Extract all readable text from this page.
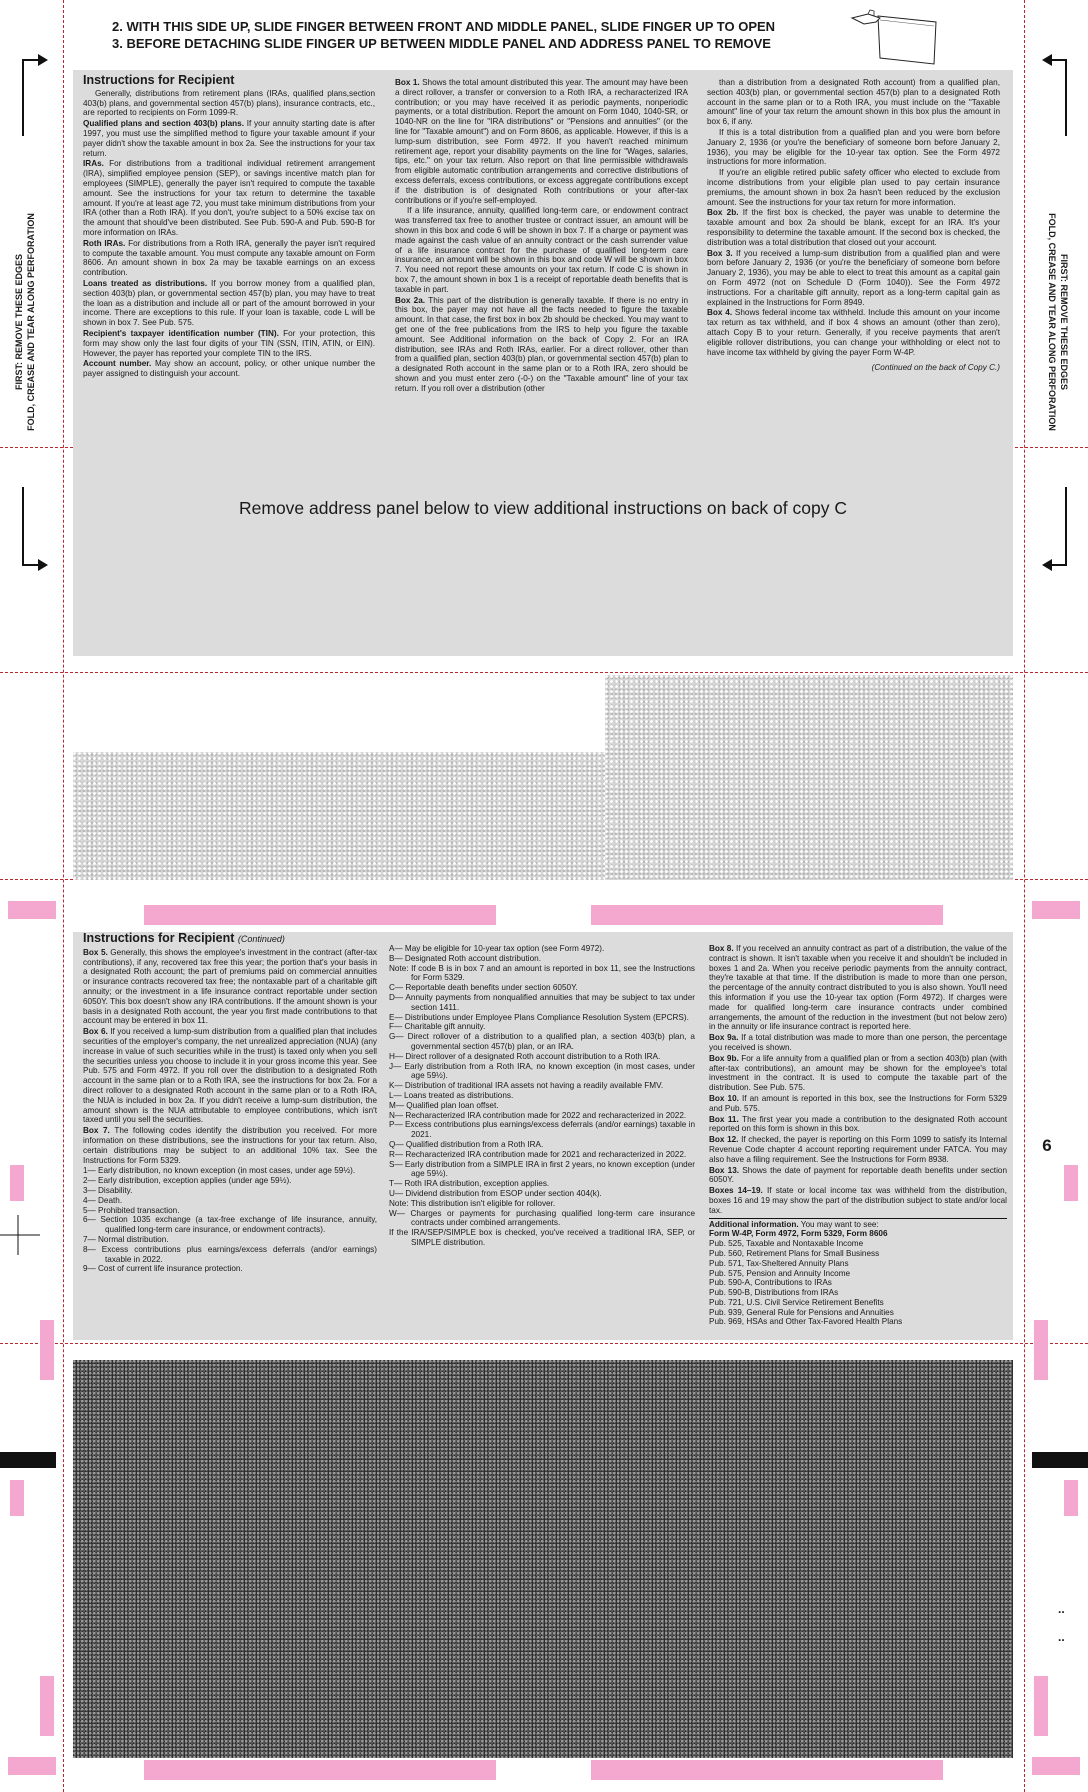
2. WITH THIS SIDE UP, SLIDE FINGER BETWEEN FRONT AND MIDDLE PANEL, SLIDE FINGER UP TO OPEN
3. BEFORE DETACHING SLIDE FINGER UP BETWEEN MIDDLE PANEL AND ADDRESS PANEL TO REMOVE
FIRST: REMOVE THESE EDGES FOLD, CREASE AND TEAR ALONG PERFORATION	FIRST: REMOVE THESE EDGES
FOLD, CREASE AND TEAR ALONG PERFORATION
Instructions for Recipient

Generally, distributions from retirement plans (IRAs, qualified plans,section 403(b) plans, and governmental section 457(b) plans), insurance contracts, etc., are reported to recipients on Form 1099-R.

Qualified plans and section 403(b) plans. If your annuity starting date is after 1997, you must use the simplified method to figure your taxable amount if your payer didn't show the taxable amount in box 2a. See the instructions for your tax return.

IRAs. For distributions from a traditional individual retirement arrangement (IRA), simplified employee pension (SEP), or savings incentive match plan for employees (SIMPLE), generally the payer isn't required to compute the taxable amount. See the instructions for your tax return to determine the taxable amount. If you're at least age 72, you must take minimum distributions from your IRA (other than a Roth IRA). If you don't, you're subject to a 50% excise tax on the amount that should've been distributed. See Pub. 590-A and Pub. 590-B for more information on IRAs.

Roth IRAs. For distributions from a Roth IRA, generally the payer isn't required to compute the taxable amount. You must compute any taxable amount on Form 8606. An amount shown in box 2a may be taxable earnings on an excess contribution.

Loans treated as distributions. If you borrow money from a qualified plan, section 403(b) plan, or governmental section 457(b) plan, you may have to treat the loan as a distribution and include all or part of the amount borrowed in your income. There are exceptions to this rule. If your loan is taxable, code L will be shown in box 7. See Pub. 575.

Recipient's taxpayer identification number (TIN). For your protection, this form may show only the last four digits of your TIN (SSN, ITIN, ATIN, or EIN). However, the payer has reported your complete TIN to the IRS.

Account number. May show an account, policy, or other unique number the payer assigned to distinguish your account.

Box 1. Shows the total amount distributed this year. The amount may have been a direct rollover, a transfer or conversion to a Roth IRA, a recharacterized IRA contribution; or you may have received it as periodic payments, nonperiodic payments, or a total distribution. Report the amount on Form 1040, 1040-SR, or 1040-NR on the line for "IRA distributions" or "Pensions and annuities" (or the line for "Taxable amount") and on Form 8606, as applicable. However, if this is a lump-sum distribution, see Form 4972. If you haven't reached minimum retirement age, report your disability payments on the line for "Wages, salaries, tips, etc." on your tax return. Also report on that line permissible withdrawals from eligible automatic contribution arrangements and corrective distributions of excess deferrals, excess contributions, or excess aggregate contributions except if the distribution is of designated Roth contributions or your after-tax contributions or if you're self-employed.

If a life insurance, annuity, qualified long-term care, or endowment contract was transferred tax free to another trustee or contract issuer, an amount will be shown in this box and code 6 will be shown in box 7. If a charge or payment was made against the cash value of an annuity contract or the cash surrender value of a life insurance contract for the purchase of qualified long-term care insurance, an amount will be shown in this box and code W will be shown in box 7. You need not report these amounts on your tax return. If code C is shown in box 7, the amount shown in box 1 is a receipt of reportable death benefits that is taxable in part.

Box 2a. This part of the distribution is generally taxable. If there is no entry in this box, the payer may not have all the facts needed to figure the taxable amount. In that case, the first box in box 2b should be checked. You may want to get one of the free publications from the IRS to help you figure the taxable amount. See Additional information on the back of Copy 2. For an IRA distribution, see IRAs and Roth IRAs, earlier. For a direct rollover, other than from a qualified plan, section 403(b) plan, or governmental section 457(b) plan to a designated Roth account in the same plan or to a Roth IRA, zero should be shown and you must enter zero (-0-) on the "Taxable amount" line of your tax return. If you roll over a distribution (other

than a distribution from a designated Roth account) from a qualified plan, section 403(b) plan, or governmental section 457(b) plan to a designated Roth account in the same plan or to a Roth IRA, you must include on the "Taxable amount" line of your tax return the amount shown in this box plus the amount in box 6, if any.

If this is a total distribution from a qualified plan and you were born before January 2, 1936 (or you're the beneficiary of someone born before January 2, 1936), you may be eligible for the 10-year tax option. See the Form 4972 instructions for more information.

If you're an eligible retired public safety officer who elected to exclude from income distributions from your eligible plan used to pay certain insurance premiums, the amount shown in box 2a hasn't been reduced by the exclusion amount. See the instructions for your tax return for more information.

Box 2b. If the first box is checked, the payer was unable to determine the taxable amount and box 2a should be blank, except for an IRA. It's your responsibility to determine the taxable amount. If the second box is checked, the distribution was a total distribution that closed out your account.

Box 3. If you received a lump-sum distribution from a qualified plan and were born before January 2, 1936 (or you're the beneficiary of someone born before January 2, 1936), you may be able to elect to treat this amount as a capital gain on Form 4972 (not on Schedule D (Form 1040)). See the Form 4972 instructions. For a charitable gift annuity, report as a long-term capital gain as explained in the Instructions for Form 8949.

Box 4. Shows federal income tax withheld. Include this amount on your income tax return as tax withheld, and if box 4 shows an amount (other than zero), attach Copy B to your return. Generally, if you receive payments that aren't eligible rollover distributions, you can change your withholding or elect not to have income tax withheld by giving the payer Form W-4P.

(Continued on the back of Copy C.)
Remove address panel below to view additional instructions on back of copy C
6
..
..
Instructions for Recipient (Continued)

Box 5. Generally, this shows the employee's investment in the contract (after-tax contributions), if any, recovered tax free this year; the portion that's your basis in a designated Roth account; the part of premiums paid on commercial annuities or insurance contracts recovered tax free; the nontaxable part of a charitable gift annuity; or the investment in a life insurance contract reportable under section 6050Y. This box doesn't show any IRA contributions. If the amount shown is your basis in a designated Roth account, the year you first made contributions to that account may be entered in box 11.

Box 6. If you received a lump-sum distribution from a qualified plan that includes securities of the employer's company, the net unrealized appreciation (NUA) (any increase in value of such securities while in the trust) is taxed only when you sell the securities unless you choose to include it in your gross income this year. See Pub. 575 and Form 4972. If you roll over the distribution to a designated Roth account in the same plan or to a Roth IRA, see the instructions for box 2a. For a direct rollover to a designated Roth account in the same plan or to a Roth IRA, the NUA is included in box 2a. If you didn't receive a lump-sum distribution, the amount shown is the NUA attributable to employee contributions, which isn't taxed until you sell the securities.

Box 7. The following codes identify the distribution you received. For more information on these distributions, see the instructions for your tax return. Also, certain distributions may be subject to an additional 10% tax. See the Instructions for Form 5329.

1— Early distribution, no known exception (in most cases, under age 59½).

2— Early distribution, exception applies (under age 59½).

3— Disability.

4— Death.

5— Prohibited transaction.

6— Section 1035 exchange (a tax-free exchange of life insurance, annuity, qualified long-term care insurance, or endowment contracts).

7— Normal distribution.

8— Excess contributions plus earnings/excess deferrals (and/or earnings) taxable in 2022.

9— Cost of current life insurance protection.

A— May be eligible for 10-year tax option (see Form 4972).

B— Designated Roth account distribution.

Note: If code B is in box 7 and an amount is reported in box 11, see the Instructions for Form 5329.

C— Reportable death benefits under section 6050Y.

D— Annuity payments from nonqualified annuities that may be subject to tax under section 1411.

E— Distributions under Employee Plans Compliance Resolution System (EPCRS).

F— Charitable gift annuity.

G— Direct rollover of a distribution to a qualified plan, a section 403(b) plan, a governmental section 457(b) plan, or an IRA.

H— Direct rollover of a designated Roth account distribution to a Roth IRA.

J— Early distribution from a Roth IRA, no known exception (in most cases, under age 59½).

K— Distribution of traditional IRA assets not having a readily available FMV.

L— Loans treated as distributions.

M— Qualified plan loan offset.

N— Recharacterized IRA contribution made for 2022 and recharacterized in 2022.

P— Excess contributions plus earnings/excess deferrals (and/or earnings) taxable in 2021.

Q— Qualified distribution from a Roth IRA.

R— Recharacterized IRA contribution made for 2021 and recharacterized in 2022.

S— Early distribution from a SIMPLE IRA in first 2 years, no known exception (under age 59½).

T— Roth IRA distribution, exception applies.

U— Dividend distribution from ESOP under section 404(k).

Note: This distribution isn't eligible for rollover.

W— Charges or payments for purchasing qualified long-term care insurance contracts under combined arrangements.

If the IRA/SEP/SIMPLE box is checked, you've received a traditional IRA, SEP, or SIMPLE distribution.

Box 8. If you received an annuity contract as part of a distribution, the value of the contract is shown. It isn't taxable when you receive it and shouldn't be included in boxes 1 and 2a. When you receive periodic payments from the annuity contract, they're taxable at that time. If the distribution is made to more than one person, the percentage of the annuity contract distributed to you is also shown. You'll need this information if you use the 10-year tax option (Form 4972). If charges were made for qualified long-term care insurance contracts under combined arrangements, the amount of the reduction in the investment (but not below zero) in the annuity or life insurance contract is reported here.

Box 9a. If a total distribution was made to more than one person, the percentage you received is shown.

Box 9b. For a life annuity from a qualified plan or from a section 403(b) plan (with after-tax contributions), an amount may be shown for the employee's total investment in the contract. It is used to compute the taxable part of the distribution. See Pub. 575.

Box 10. If an amount is reported in this box, see the Instructions for Form 5329 and Pub. 575.

Box 11. The first year you made a contribution to the designated Roth account reported on this form is shown in this box.

Box 12. If checked, the payer is reporting on this Form 1099 to satisfy its Internal Revenue Code chapter 4 account reporting requirement under FATCA. You may also have a filing requirement. See the Instructions for Form 8938.

Box 13. Shows the date of payment for reportable death benefits under section 6050Y.

Boxes 14–19. If state or local income tax was withheld from the distribution, boxes 16 and 19 may show the part of the distribution subject to state and/or local tax.

Additional information. You may want to see:

Form W-4P, Form 4972, Form 5329, Form 8606

Pub. 525, Taxable and Nontaxable Income

Pub. 560, Retirement Plans for Small Business

Pub. 571, Tax-Sheltered Annuity Plans

Pub. 575, Pension and Annuity Income

Pub. 590-A, Contributions to IRAs

Pub. 590-B, Distributions from IRAs

Pub. 721, U.S. Civil Service Retirement Benefits

Pub. 939, General Rule for Pensions and Annuities

Pub. 969, HSAs and Other Tax-Favored Health Plans
